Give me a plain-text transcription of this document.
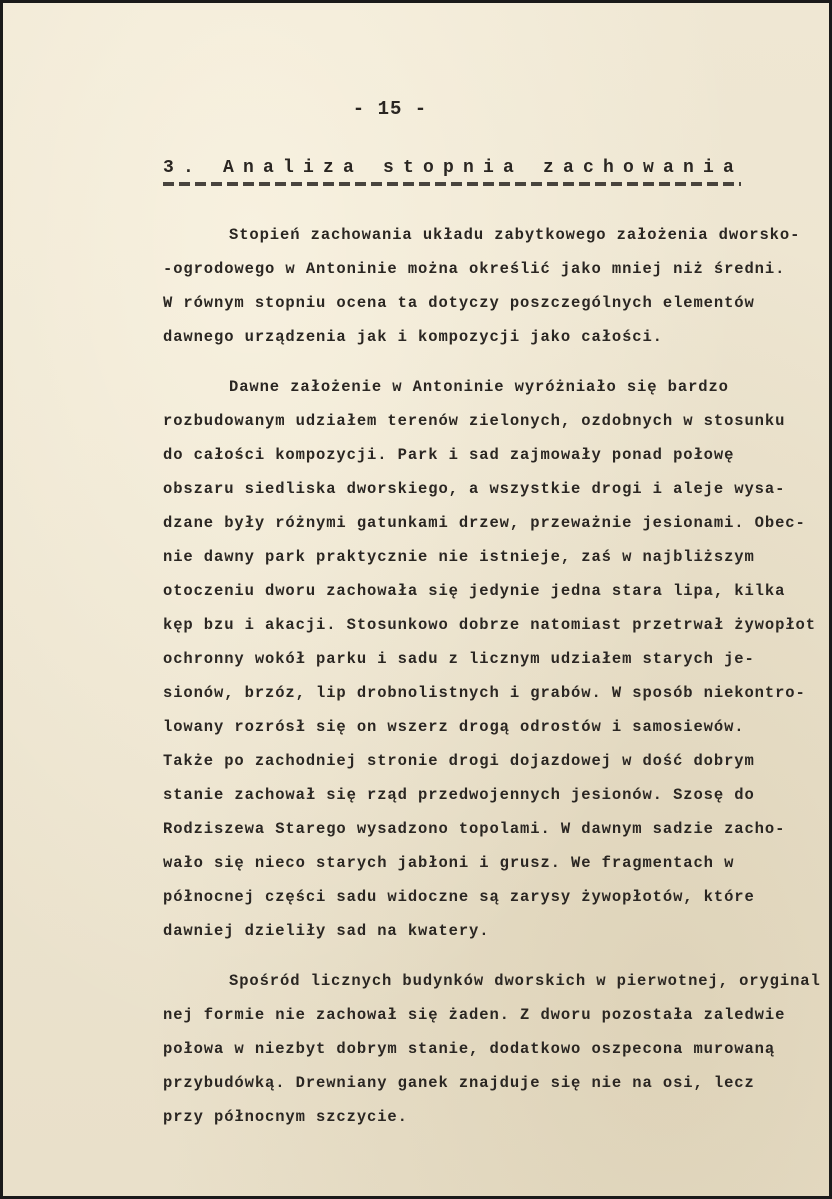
- 15 -
3. Analiza stopnia zachowania
Stopień zachowania układu zabytkowego założenia dworsko-
-ogrodowego w Antoninie można określić jako mniej niż średni.
W równym stopniu ocena ta dotyczy poszczególnych elementów
dawnego urządzenia jak i kompozycji jako całości.
Dawne założenie w Antoninie wyróżniało się bardzo
rozbudowanym udziałem terenów zielonych, ozdobnych w stosunku
do całości kompozycji. Park i sad zajmowały ponad połowę
obszaru siedliska dworskiego, a wszystkie drogi i aleje wysa-
dzane były różnymi gatunkami drzew, przeważnie jesionami. Obec-
nie dawny park praktycznie nie istnieje, zaś w najbliższym
otoczeniu dworu zachowała się jedynie jedna stara lipa, kilka
kęp bzu i akacji. Stosunkowo dobrze natomiast przetrwał żywopłot
ochronny wokół parku i sadu z licznym udziałem starych je-
sionów, brzóz, lip drobnolistnych i grabów. W sposób niekontro-
lowany rozrósł się on wszerz drogą odrostów i samosiewów.
Także po zachodniej stronie drogi dojazdowej w dość dobrym
stanie zachował się rząd przedwojennych jesionów. Szosę do
Rodziszewa Starego wysadzono topolami. W dawnym sadzie zacho-
wało się nieco starych jabłoni i grusz. We fragmentach w
północnej części sadu widoczne są zarysy żywopłotów, które
dawniej dzieliły sad na kwatery.
Spośród licznych budynków dworskich w pierwotnej, oryginal
nej formie nie zachował się żaden. Z dworu pozostała zaledwie
połowa w niezbyt dobrym stanie, dodatkowo oszpecona murowaną
przybudówką. Drewniany ganek znajduje się nie na osi, lecz
przy północnym szczycie.
